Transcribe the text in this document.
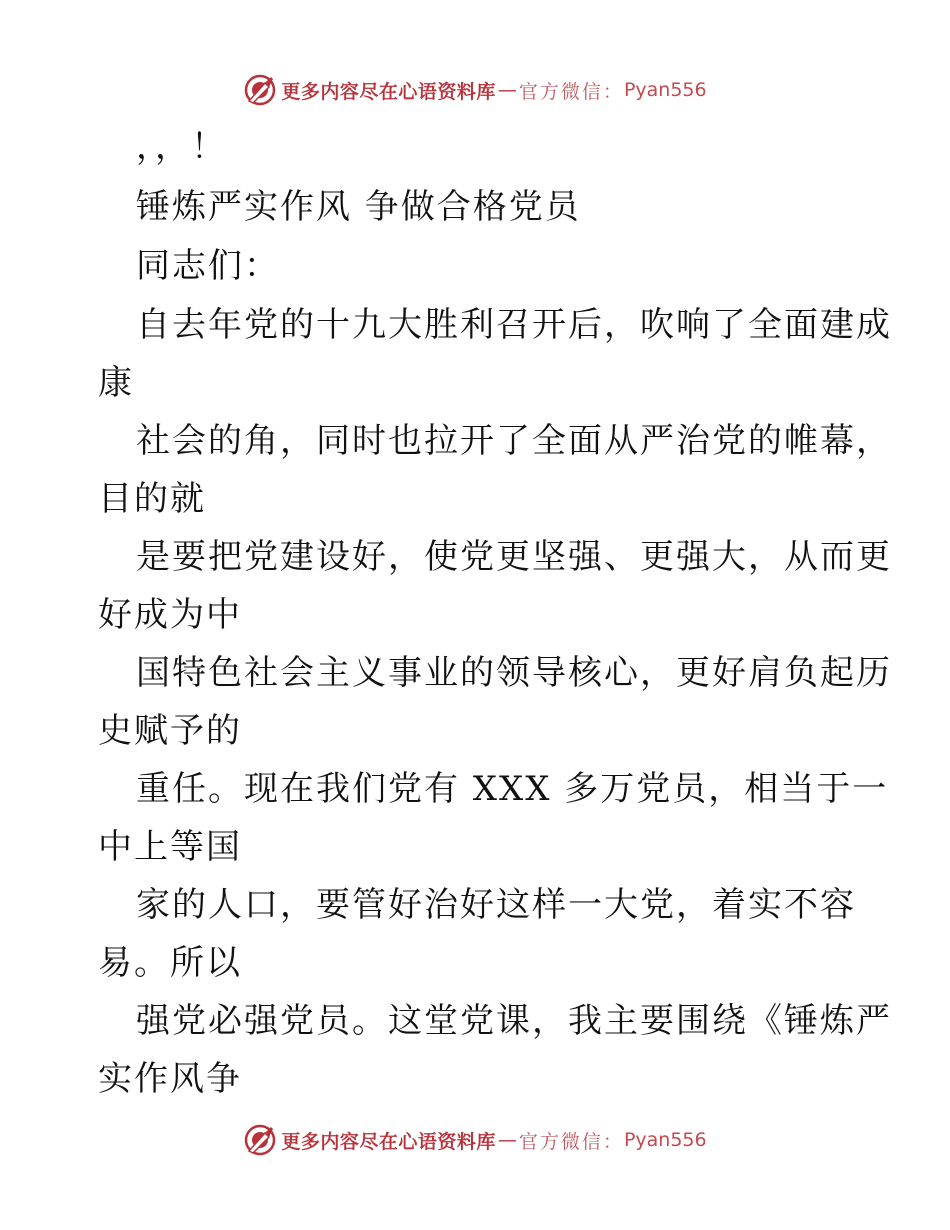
更多内容尽在心语资料库 — 官方微信： Pyan556
，，！
锤炼严实作风 争做合格党员
同志们：
自去年党的十九大胜利召开后，吹响了全面建成
康
社会的角，同时也拉开了全面从严治党的帷幕，
目的就
是要把党建设好，使党更坚强、更强大，从而更
好成为中
国特色社会主义事业的领导核心，更好肩负起历
史赋予的
重任。现在我们党有 XXX 多万党员，相当于一
中上等国
家的人口，要管好治好这样一大党，着实不容
易。所以
强党必强党员。这堂党课，我主要围绕《锤炼严
实作风争
更多内容尽在心语资料库 — 官方微信： Pyan556
